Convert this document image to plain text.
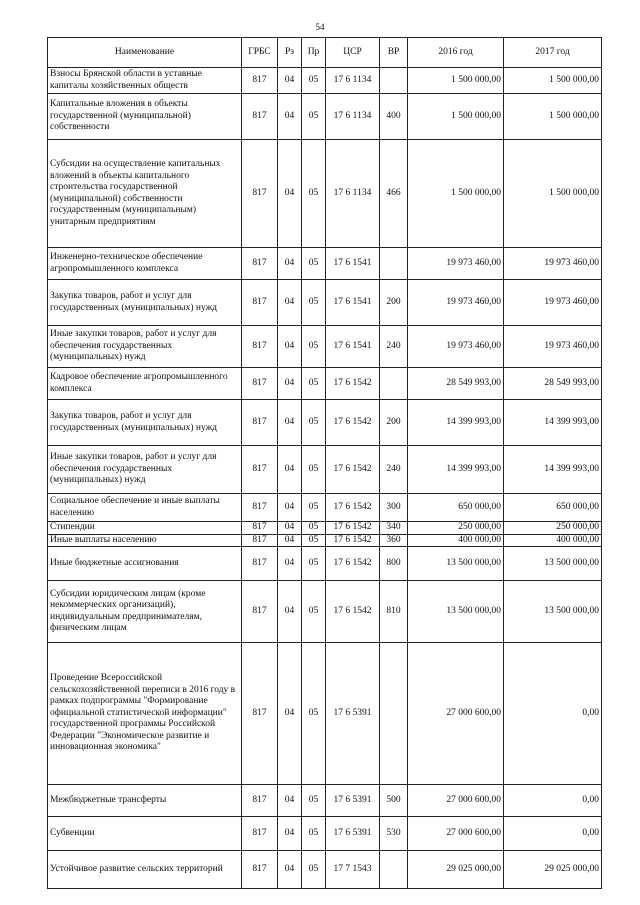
54
Наименование	ГРБС	Рз	Пр	ЦСР	ВР	2016 год	2017 год
Взносы Брянской области в уставные капиталы хозяйственных обществ	817	04	05	17 6 1134		1 500 000,00	1 500 000,00
Капитальные вложения в объекты государственной (муниципальной) собственности	817	04	05	17 6 1134	400	1 500 000,00	1 500 000,00
Субсидии на осуществление капитальных вложений в объекты капитального строительства государственной (муниципальной) собственности государственным (муниципальным) унитарным предприятиям	817	04	05	17 6 1134	466	1 500 000,00	1 500 000,00
Инженерно-техническое обеспечение агропромышленного комплекса	817	04	05	17 6 1541		19 973 460,00	19 973 460,00
Закупка товаров, работ и услуг для государственных (муниципальных) нужд	817	04	05	17 6 1541	200	19 973 460,00	19 973 460,00
Иные закупки товаров, работ и услуг для обеспечения государственных (муниципальных) нужд	817	04	05	17 6 1541	240	19 973 460,00	19 973 460,00
Кадровое обеспечение агропромышленного комплекса	817	04	05	17 6 1542		28 549 993,00	28 549 993,00
Закупка товаров, работ и услуг для государственных (муниципальных) нужд	817	04	05	17 6 1542	200	14 399 993,00	14 399 993,00
Иные закупки товаров, работ и услуг для обеспечения государственных (муниципальных) нужд	817	04	05	17 6 1542	240	14 399 993,00	14 399 993,00
Социальное обеспечение и иные выплаты населению	817	04	05	17 6 1542	300	650 000,00	650 000,00
Стипендии	817	04	05	17 6 1542	340	250 000,00	250 000,00
Иные выплаты населению	817	04	05	17 6 1542	360	400 000,00	400 000,00
Иные бюджетные ассигнования	817	04	05	17 6 1542	800	13 500 000,00	13 500 000,00
Субсидии юридическим лицам (кроме некоммерческих организаций), индивидуальным предпринимателям, физическим лицам	817	04	05	17 6 1542	810	13 500 000,00	13 500 000,00
Проведение Всероссийской сельскохозяйственной переписи в 2016 году в рамках подпрограммы "Формирование официальной статистической информации" государственной программы Российской Федерации "Экономическое развитие и инновационная экономика"	817	04	05	17 6 5391		27 000 600,00	0,00
Межбюджетные трансферты	817	04	05	17 6 5391	500	27 000 600,00	0,00
Субвенции	817	04	05	17 6 5391	530	27 000 600,00	0,00
Устойчивое развитие сельских территорий	817	04	05	17 7 1543		29 025 000,00	29 025 000,00
